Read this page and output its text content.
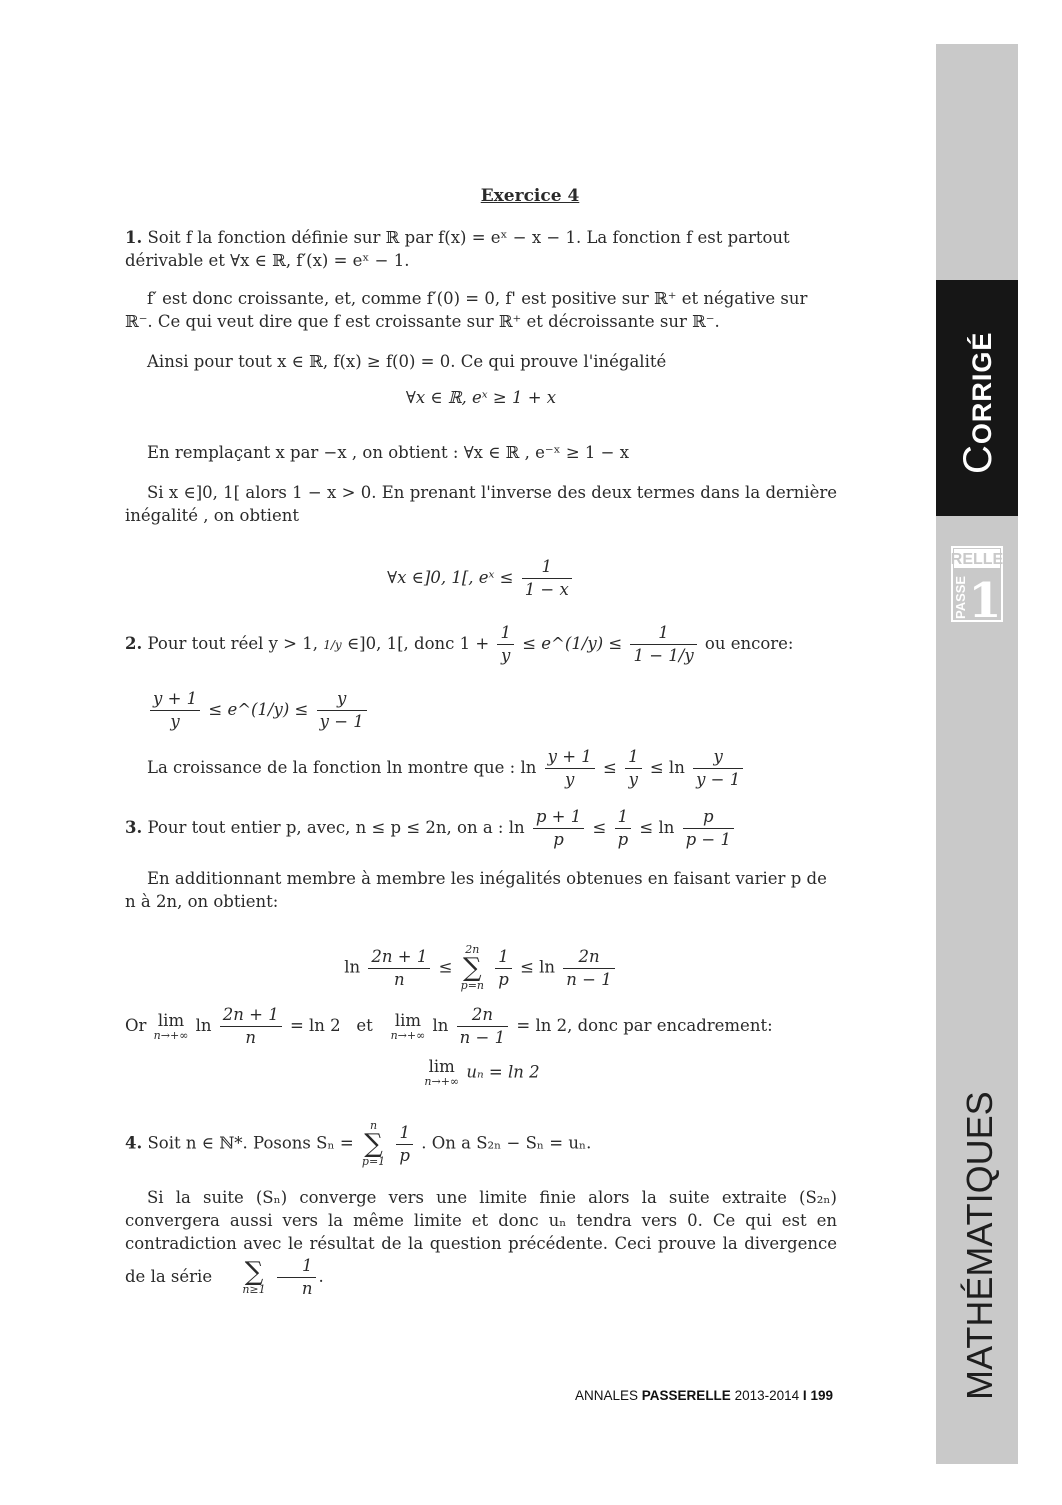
CORRIGÉ
RELLE
PASSE 1
MATHÉMATIQUES
Exercice 4
1. Soit f la fonction définie sur ℝ par f(x) = eˣ − x − 1. La fonction f est partout dérivable et ∀x ∈ ℝ, f′(x) = eˣ − 1.
f′ est donc croissante, et, comme f′(0) = 0, f' est positive sur ℝ⁺ et négative sur ℝ⁻. Ce qui veut dire que f est croissante sur ℝ⁺ et décroissante sur ℝ⁻.
Ainsi pour tout x ∈ ℝ, f(x) ≥ f(0) = 0. Ce qui prouve l'inégalité
∀x ∈ ℝ, eˣ ≥ 1 + x
En remplaçant x par −x , on obtient : ∀x ∈ ℝ , e⁻ˣ ≥ 1 − x
Si x ∈]0, 1[ alors 1 − x > 0. En prenant l'inverse des deux termes dans la dernière inégalité , on obtient
∀x ∈]0, 1[, eˣ ≤ $\frac{1}{1 - x}$
2. Pour tout réel y > 1, 1/y ∈]0, 1[, donc $1 + \frac{1}{y}$ ≤ e^(1/y) ≤ $\frac{1}{1 - 1/y}$ ou encore:
$\frac{y + 1}{y}$ ≤ e^(1/y) ≤ $\frac{y}{y - 1}$
La croissance de la fonction ln montre que : $\ln \frac{y + 1}{y} \le \frac{1}{y} \le \ln \frac{y}{y - 1}$
3. Pour tout entier p, avec, n ≤ p ≤ 2n, on a : $\ln \frac{p + 1}{p} \le \frac{1}{p} \le \ln \frac{p}{p - 1}$
En additionnant membre à membre les inégalités obtenues en faisant varier p de n à 2n, on obtient:
$\ln \frac{2n + 1}{n}$ ≤
2n
∑
p=n
$\frac{1}{p} \le \ln \frac{2n}{n - 1}$
Or lim
n→+∞ $\ln \frac{2n + 1}{n} = \ln 2$ et lim
n→+∞ $\ln \frac{2n}{n - 1} = \ln 2$, donc par encadrement:
lim
n→+∞ uₙ = ln 2
4. Soit n ∈ ℕ*. Posons Sₙ =
n
∑
p=1
$\frac{1}{p}$ . On a S₂ₙ − Sₙ = uₙ.
Si la suite (Sₙ) converge vers une limite finie alors la suite extraite (S₂ₙ) convergera aussi vers la même limite et donc uₙ tendra vers 0. Ce qui est en contradiction avec le résultat de la question précédente. Ceci prouve la divergence de la série	∑
n≥1
$\frac{1}{n}$ .
ANNALES PASSERELLE 2013-2014 I 199
